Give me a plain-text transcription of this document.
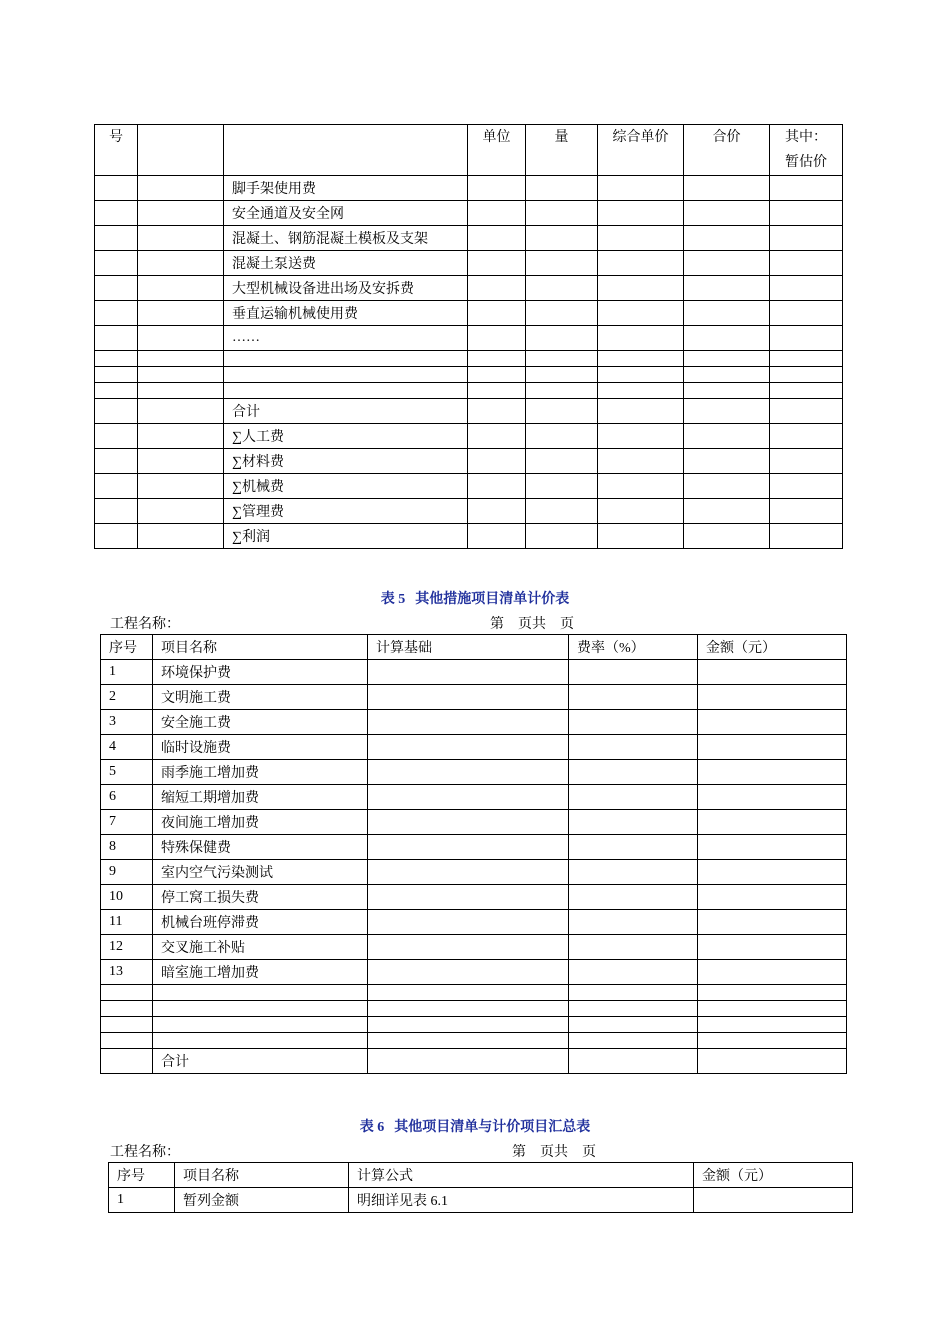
号			单位	量	综合单价	合价	其中：
暂估价
		脚手架使用费					
		安全通道及安全网					
		混凝土、钢筋混凝土模板及支架					
		混凝土泵送费					
		大型机械设备进出场及安拆费					
		垂直运输机械使用费					
		……					

		合计					
		∑人工费					
		∑材料费					
		∑机械费					
		∑管理费					
		∑利润					
表 5 其他措施项目清单计价表
工程名称：	第　页共　页
序号	项目名称	计算基础	费率（%）	金额（元）
1	环境保护费			
2	文明施工费			
3	安全施工费			
4	临时设施费			
5	雨季施工增加费			
6	缩短工期增加费			
7	夜间施工增加费			
8	特殊保健费			
9	室内空气污染测试			
10	停工窝工损失费			
11	机械台班停滞费			
12	交叉施工补贴			
13	暗室施工增加费			

	合计			
表 6 其他项目清单与计价项目汇总表
工程名称：	第　页共　页
序号	项目名称	计算公式	金额（元）
1	暂列金额	明细详见表 6.1	
